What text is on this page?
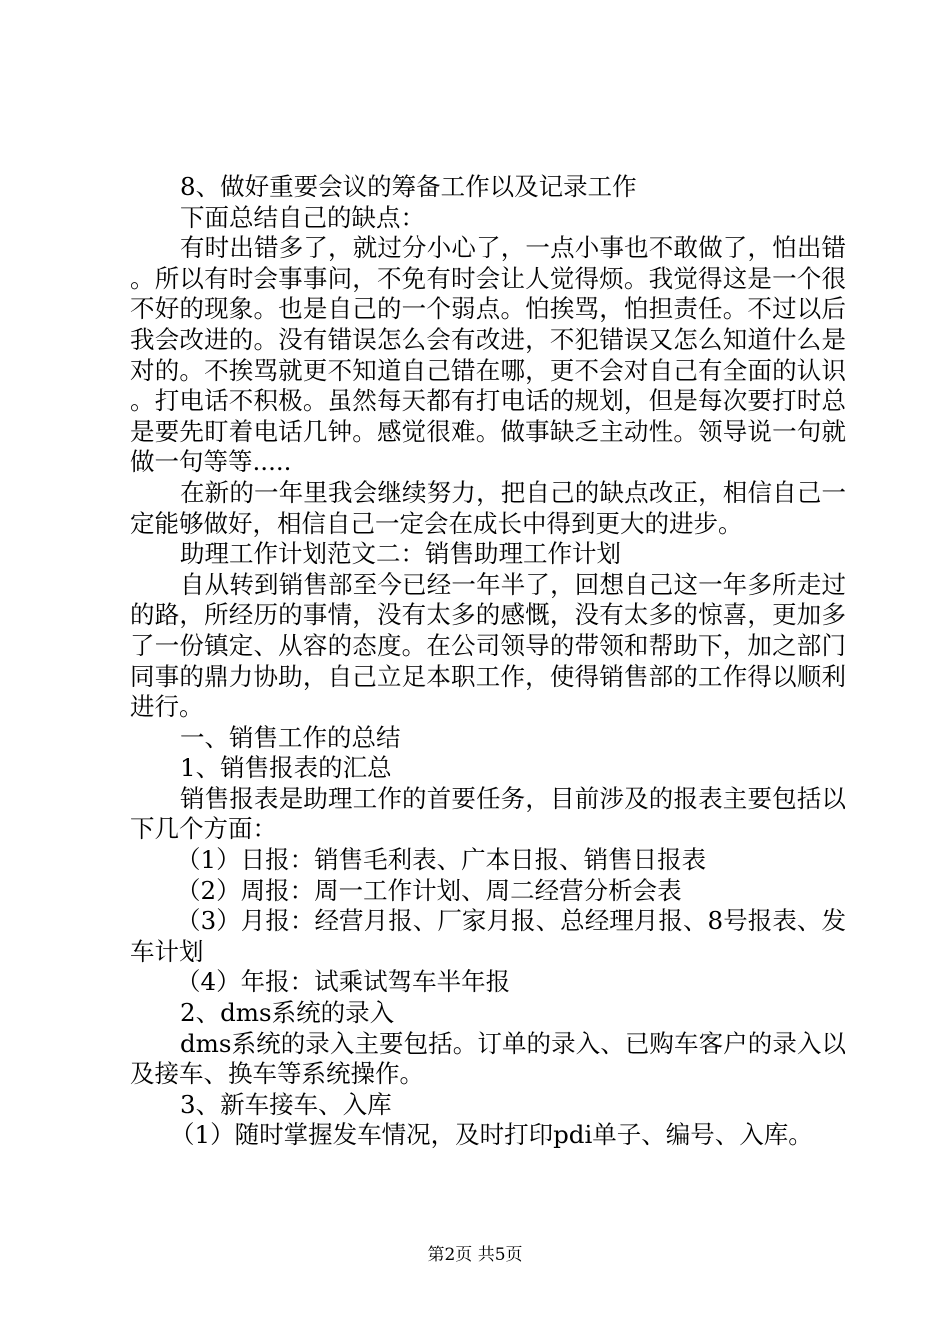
8、做好重要会议的筹备工作以及记录工作

下面总结自己的缺点：

有时出错多了，就过分小心了，一点小事也不敢做了，怕出错。所以有时会事事问，不免有时会让人觉得烦。我觉得这是一个很不好的现象。也是自己的一个弱点。怕挨骂，怕担责任。不过以后我会改进的。没有错误怎么会有改进，不犯错误又怎么知道什么是对的。不挨骂就更不知道自己错在哪，更不会对自己有全面的认识。打电话不积极。虽然每天都有打电话的规划，但是每次要打时总是要先盯着电话几钟。感觉很难。做事缺乏主动性。领导说一句就做一句等等.....

在新的一年里我会继续努力，把自己的缺点改正，相信自己一定能够做好，相信自己一定会在成长中得到更大的进步。

助理工作计划范文二：销售助理工作计划

自从转到销售部至今已经一年半了，回想自己这一年多所走过的路，所经历的事情，没有太多的感慨，没有太多的惊喜，更加多了一份镇定、从容的态度。在公司领导的带领和帮助下，加之部门同事的鼎力协助，自己立足本职工作，使得销售部的工作得以顺利进行。

一、销售工作的总结

1、销售报表的汇总

销售报表是助理工作的首要任务，目前涉及的报表主要包括以下几个方面：

（1）日报：销售毛利表、广本日报、销售日报表

（2）周报：周一工作计划、周二经营分析会表

（3）月报：经营月报、厂家月报、总经理月报、8号报表、发车计划

（4）年报：试乘试驾车半年报

2、dms系统的录入

dms系统的录入主要包括。订单的录入、已购车客户的录入以及接车、换车等系统操作。

3、新车接车、入库

（1）随时掌握发车情况，及时打印pdi单子、编号、入库。

第2页 共5页
